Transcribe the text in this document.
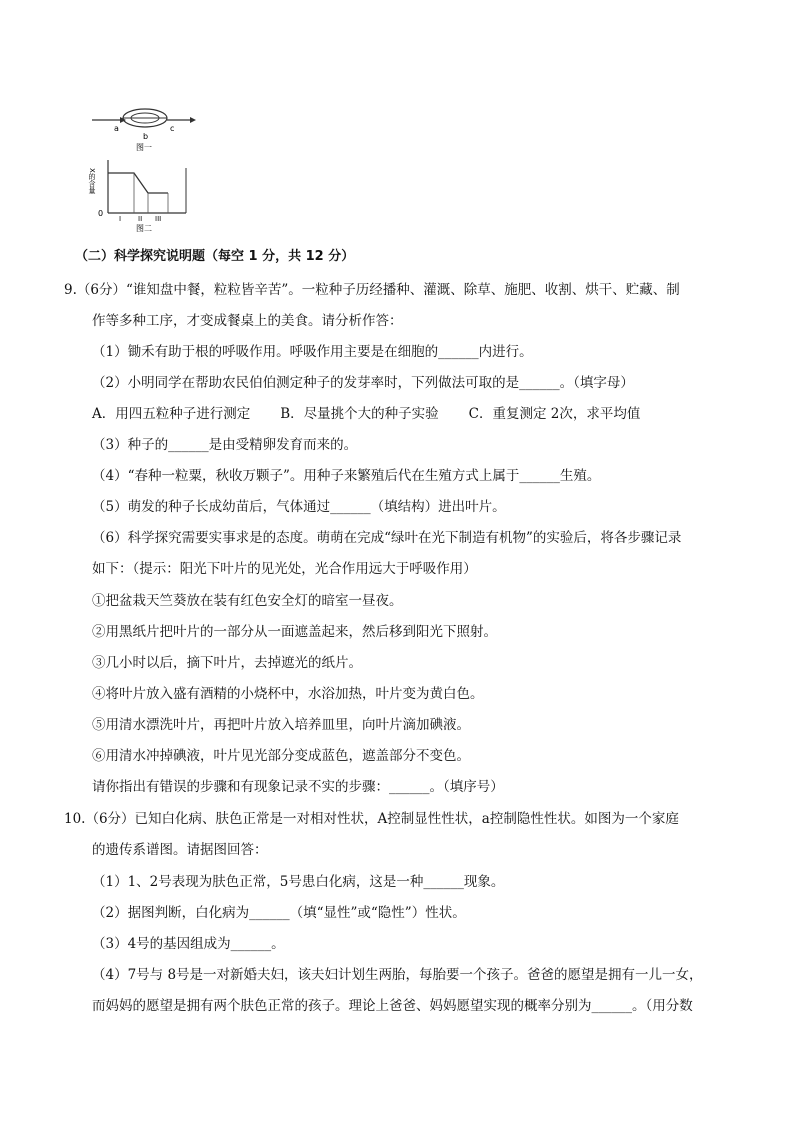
a
b
c
图一
X的含量
0
I II III
图二
（二）科学探究说明题（每空 1 分，共 12 分）
9.（6分）“谁知盘中餐，粒粒皆辛苦”。一粒种子历经播种、灌溉、除草、施肥、收割、烘干、贮藏、制
作等多种工序，才变成餐桌上的美食。请分析作答：
（1）锄禾有助于根的呼吸作用。呼吸作用主要是在细胞的______内进行。
（2）小明同学在帮助农民伯伯测定种子的发芽率时，下列做法可取的是______。（填字母）
A．用四五粒种子进行测定 B．尽量挑个大的种子实验 C．重复测定 2次，求平均值
（3）种子的______是由受精卵发育而来的。
（4）“春种一粒粟，秋收万颗子”。用种子来繁殖后代在生殖方式上属于______生殖。
（5）萌发的种子长成幼苗后，气体通过______（填结构）进出叶片。
（6）科学探究需要实事求是的态度。萌萌在完成“绿叶在光下制造有机物”的实验后，将各步骤记录
如下：（提示：阳光下叶片的见光处，光合作用远大于呼吸作用）
①把盆栽天竺葵放在装有红色安全灯的暗室一昼夜。
②用黑纸片把叶片的一部分从一面遮盖起来，然后移到阳光下照射。
③几小时以后，摘下叶片，去掉遮光的纸片。
④将叶片放入盛有酒精的小烧杯中，水浴加热，叶片变为黄白色。
⑤用清水漂洗叶片，再把叶片放入培养皿里，向叶片滴加碘液。
⑥用清水冲掉碘液，叶片见光部分变成蓝色，遮盖部分不变色。
请你指出有错误的步骤和有现象记录不实的步骤：______。（填序号）
10.（6分）已知白化病、肤色正常是一对相对性状，A控制显性性状，a控制隐性性状。如图为一个家庭
的遗传系谱图。请据图回答：
（1）1、2号表现为肤色正常，5号患白化病，这是一种______现象。
（2）据图判断，白化病为______（填“显性”或“隐性”）性状。
（3）4号的基因组成为______。
（4）7号与 8号是一对新婚夫妇，该夫妇计划生两胎，每胎要一个孩子。爸爸的愿望是拥有一儿一女，
而妈妈的愿望是拥有两个肤色正常的孩子。理论上爸爸、妈妈愿望实现的概率分别为______。（用分数
